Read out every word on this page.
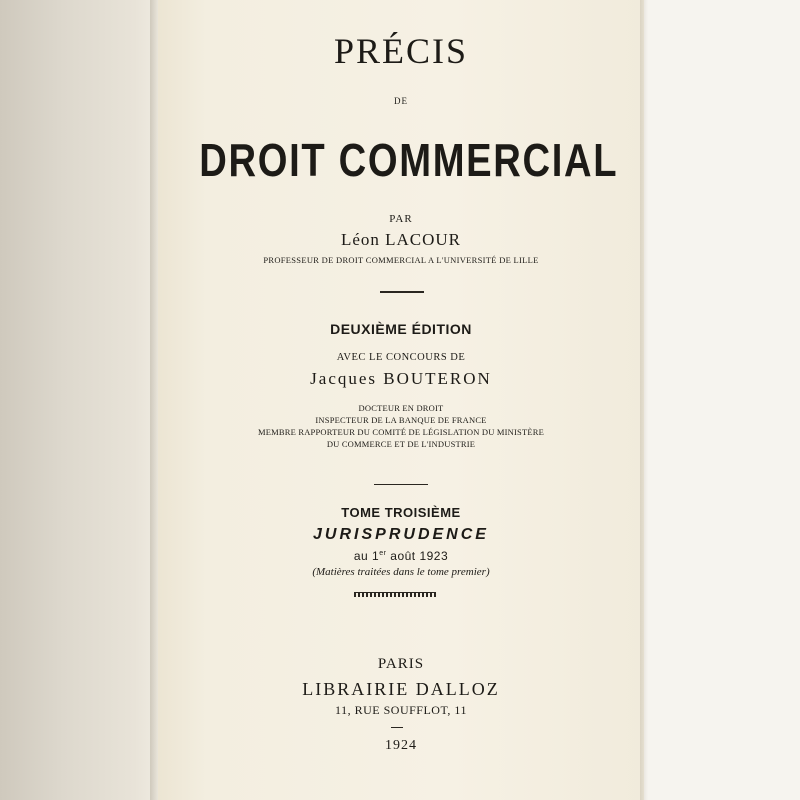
PRÉCIS
DE
DROIT COMMERCIAL
PAR
Léon LACOUR
PROFESSEUR DE DROIT COMMERCIAL A L'UNIVERSITÉ DE LILLE
DEUXIÈME ÉDITION
AVEC LE CONCOURS DE
Jacques BOUTERON
DOCTEUR EN DROIT
INSPECTEUR DE LA BANQUE DE FRANCE
MEMBRE RAPPORTEUR DU COMITÉ DE LÉGISLATION DU MINISTÈRE
DU COMMERCE ET DE L'INDUSTRIE
TOME TROISIÈME
JURISPRUDENCE
au 1er août 1923
(Matières traitées dans le tome premier)
PARIS
LIBRAIRIE DALLOZ
11, RUE SOUFFLOT, 11
1924
